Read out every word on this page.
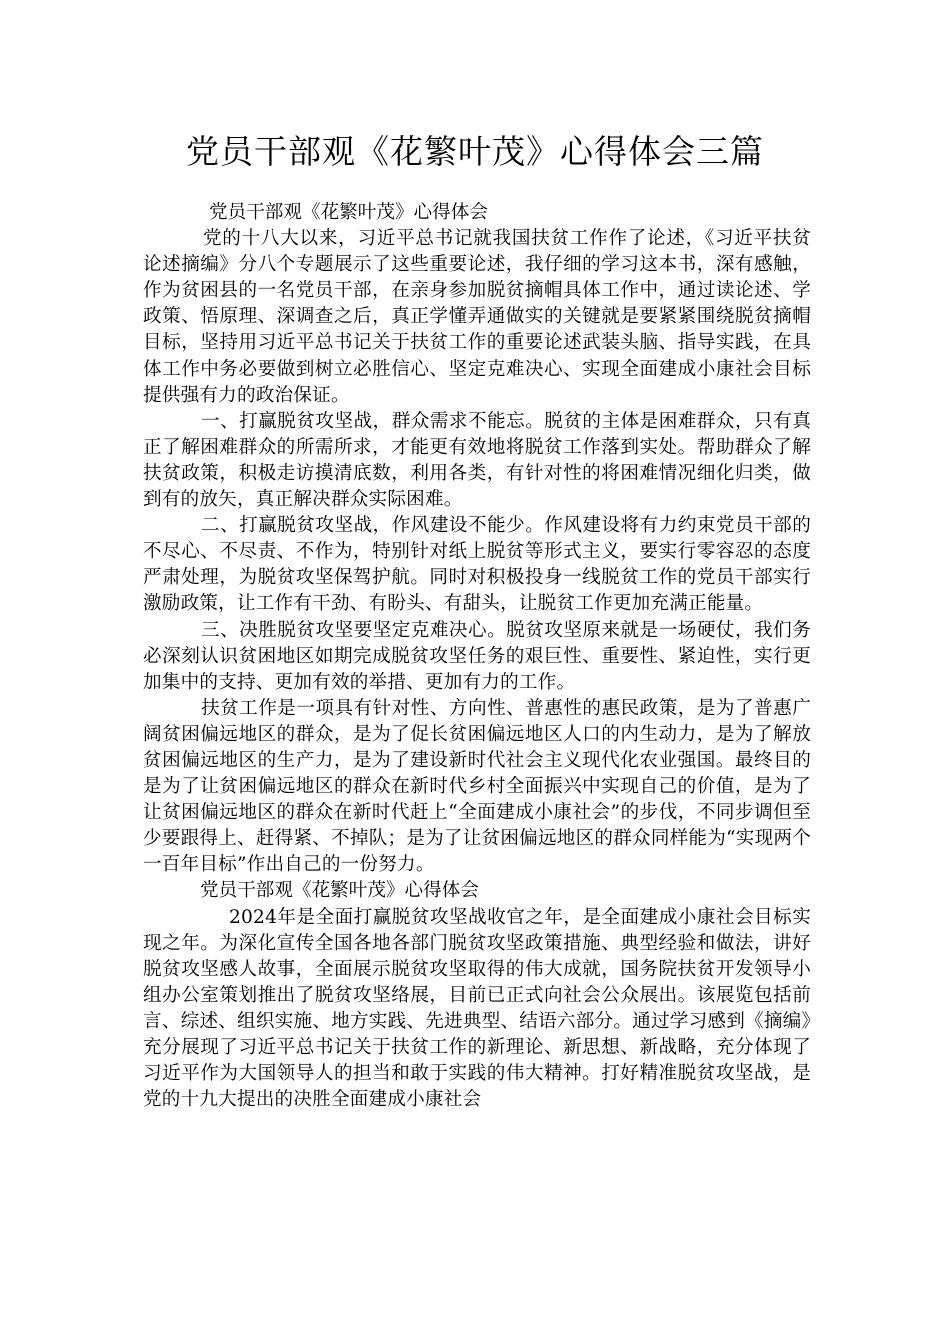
党员干部观《花繁叶茂》心得体会三篇

党员干部观《花繁叶茂》心得体会

党的十八大以来，习近平总书记就我国扶贫工作作了论述，《习近平扶贫论述摘编》分八个专题展示了这些重要论述，我仔细的学习这本书，深有感触，作为贫困县的一名党员干部，在亲身参加脱贫摘帽具体工作中，通过读论述、学政策、悟原理、深调查之后，真正学懂弄通做实的关键就是要紧紧围绕脱贫摘帽目标，坚持用习近平总书记关于扶贫工作的重要论述武装头脑、指导实践，在具体工作中务必要做到树立必胜信心、坚定克难决心、实现全面建成小康社会目标提供强有力的政治保证。

一、打赢脱贫攻坚战，群众需求不能忘。脱贫的主体是困难群众，只有真正了解困难群众的所需所求，才能更有效地将脱贫工作落到实处。帮助群众了解扶贫政策，积极走访摸清底数，利用各类，有针对性的将困难情况细化归类，做到有的放矢，真正解决群众实际困难。

二、打赢脱贫攻坚战，作风建设不能少。作风建设将有力约束党员干部的不尽心、不尽责、不作为，特别针对纸上脱贫等形式主义，要实行零容忍的态度严肃处理，为脱贫攻坚保驾护航。同时对积极投身一线脱贫工作的党员干部实行激励政策，让工作有干劲、有盼头、有甜头，让脱贫工作更加充满正能量。

三、决胜脱贫攻坚要坚定克难决心。脱贫攻坚原来就是一场硬仗，我们务必深刻认识贫困地区如期完成脱贫攻坚任务的艰巨性、重要性、紧迫性，实行更加集中的支持、更加有效的举措、更加有力的工作。

扶贫工作是一项具有针对性、方向性、普惠性的惠民政策，是为了普惠广阔贫困偏远地区的群众，是为了促长贫困偏远地区人口的内生动力，是为了解放贫困偏远地区的生产力，是为了建设新时代社会主义现代化农业强国。最终目的是为了让贫困偏远地区的群众在新时代乡村全面振兴中实现自己的价值，是为了让贫困偏远地区的群众在新时代赶上“全面建成小康社会”的步伐，不同步调但至少要跟得上、赶得紧、不掉队；是为了让贫困偏远地区的群众同样能为“实现两个一百年目标”作出自己的一份努力。

党员干部观《花繁叶茂》心得体会

2024年是全面打赢脱贫攻坚战收官之年，是全面建成小康社会目标实现之年。为深化宣传全国各地各部门脱贫攻坚政策措施、典型经验和做法，讲好脱贫攻坚感人故事，全面展示脱贫攻坚取得的伟大成就，国务院扶贫开发领导小组办公室策划推出了脱贫攻坚络展，目前已正式向社会公众展出。该展览包括前言、综述、组织实施、地方实践、先进典型、结语六部分。通过学习感到《摘编》充分展现了习近平总书记关于扶贫工作的新理论、新思想、新战略，充分体现了习近平作为大国领导人的担当和敢于实践的伟大精神。打好精准脱贫攻坚战，是党的十九大提出的决胜全面建成小康社会
